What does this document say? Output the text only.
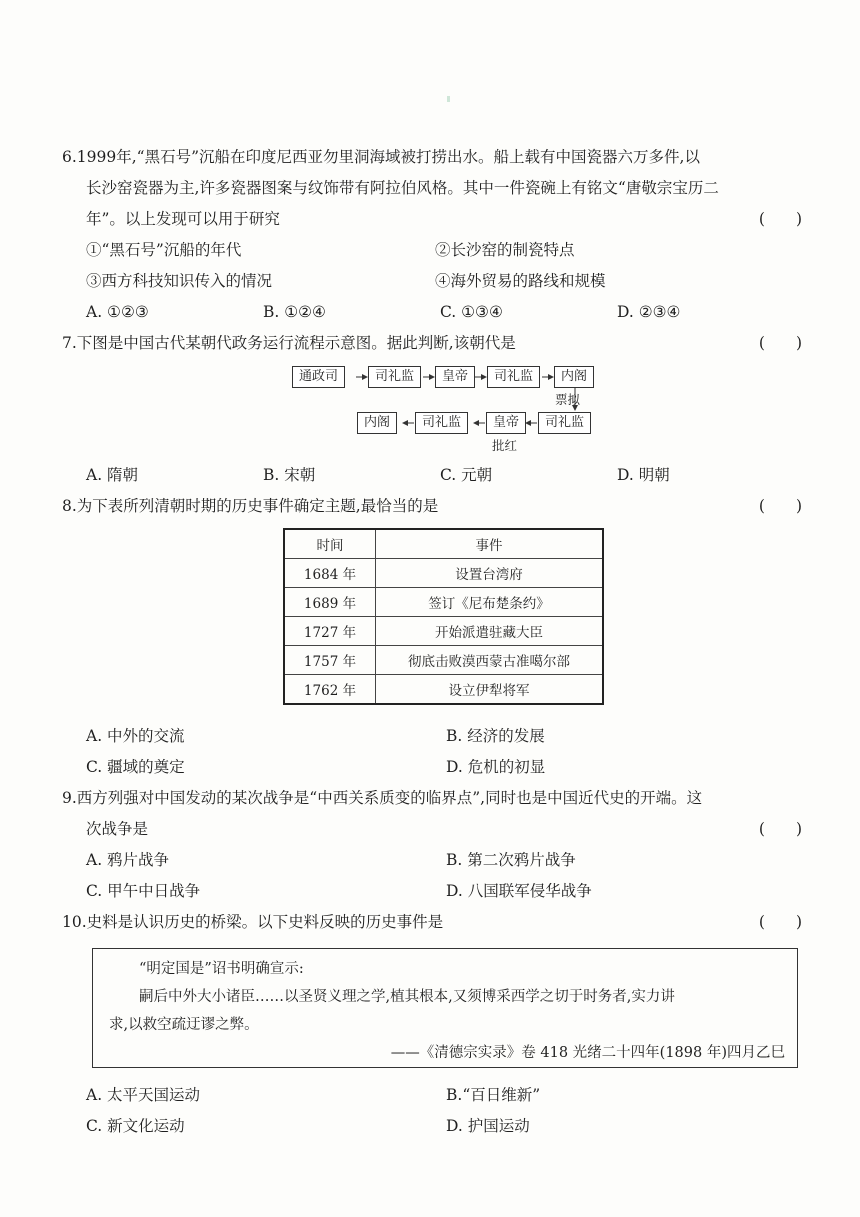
6.1999年,“黑石号”沉船在印度尼西亚勿里洞海域被打捞出水。船上载有中国瓷器六万多件,以
长沙窑瓷器为主,许多瓷器图案与纹饰带有阿拉伯风格。其中一件瓷碗上有铭文“唐敬宗宝历二
年”。以上发现可以用于研究	(　　)
①“黑石号”沉船的年代	②长沙窑的制瓷特点
③西方科技知识传入的情况	④海外贸易的路线和规模
A. ①②③	B. ①②④	C. ①③④	D. ②③④
7.下图是中国古代某朝代政务运行流程示意图。据此判断,该朝代是	(　　)
通政司	司礼监	皇帝	司礼监	内阁
票拟
内阁	司礼监	皇帝	司礼监
批红
A. 隋朝	B. 宋朝	C. 元朝	D. 明朝
8.为下表所列清朝时期的历史事件确定主题,最恰当的是	(　　)
时间	事件
1684 年	设置台湾府
1689 年	签订《尼布楚条约》
1727 年	开始派遣驻藏大臣
1757 年	彻底击败漠西蒙古准噶尔部
1762 年	设立伊犁将军
A. 中外的交流	B. 经济的发展
C. 疆域的奠定	D. 危机的初显
9.西方列强对中国发动的某次战争是“中西关系质变的临界点”,同时也是中国近代史的开端。这
次战争是	(　　)
A. 鸦片战争	B. 第二次鸦片战争
C. 甲午中日战争	D. 八国联军侵华战争
10.史料是认识历史的桥梁。以下史料反映的历史事件是	(　　)

“明定国是”诏书明确宣示:

嗣后中外大小诸臣……以圣贤义理之学,植其根本,又须博采西学之切于时务者,实力讲

求,以救空疏迂谬之弊。

——《清德宗实录》卷 418 光绪二十四年(1898 年)四月乙巳

A. 太平天国运动	B.“百日维新”
C. 新文化运动	D. 护国运动
